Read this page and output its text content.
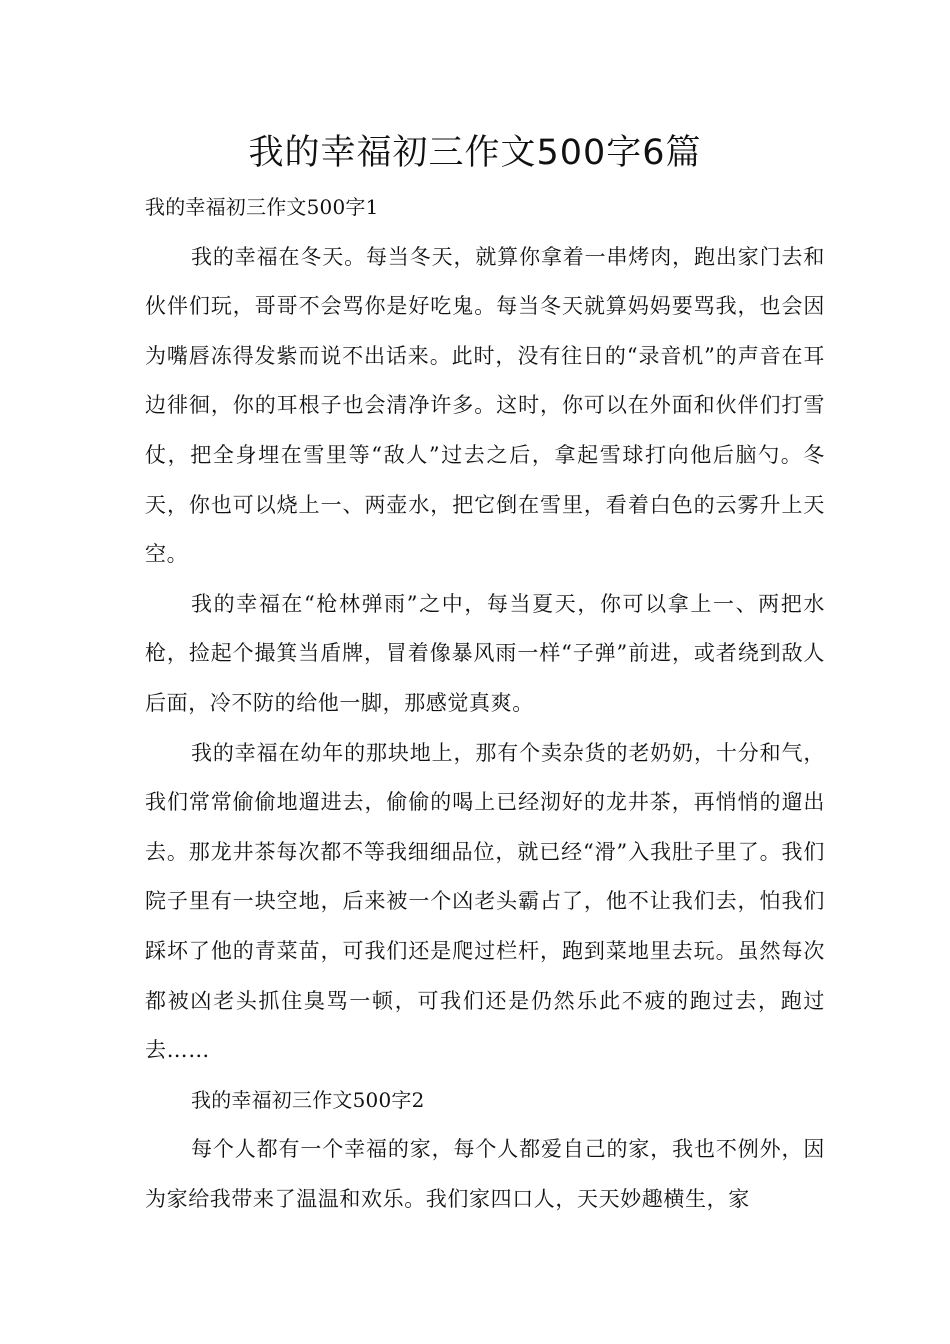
我的幸福初三作文500字6篇

我的幸福初三作文500字1

我的幸福在冬天。每当冬天，就算你拿着一串烤肉，跑出家门去和伙伴们玩，哥哥不会骂你是好吃鬼。每当冬天就算妈妈要骂我，也会因为嘴唇冻得发紫而说不出话来。此时，没有往日的“录音机”的声音在耳边徘徊，你的耳根子也会清净许多。这时，你可以在外面和伙伴们打雪仗，把全身埋在雪里等“敌人”过去之后，拿起雪球打向他后脑勺。冬天，你也可以烧上一、两壶水，把它倒在雪里，看着白色的云雾升上天空。

我的幸福在“枪林弹雨”之中，每当夏天，你可以拿上一、两把水枪，捡起个撮箕当盾牌，冒着像暴风雨一样“子弹”前进，或者绕到敌人后面，冷不防的给他一脚，那感觉真爽。

我的幸福在幼年的那块地上，那有个卖杂货的老奶奶，十分和气，我们常常偷偷地遛进去，偷偷的喝上已经沏好的龙井茶，再悄悄的遛出去。那龙井茶每次都不等我细细品位，就已经“滑”入我肚子里了。我们院子里有一块空地，后来被一个凶老头霸占了，他不让我们去，怕我们踩坏了他的青菜苗，可我们还是爬过栏杆，跑到菜地里去玩。虽然每次都被凶老头抓住臭骂一顿，可我们还是仍然乐此不疲的跑过去，跑过去……

我的幸福初三作文500字2

每个人都有一个幸福的家，每个人都爱自己的家，我也不例外，因为家给我带来了温温和欢乐。我们家四口人，天天妙趣横生，家
